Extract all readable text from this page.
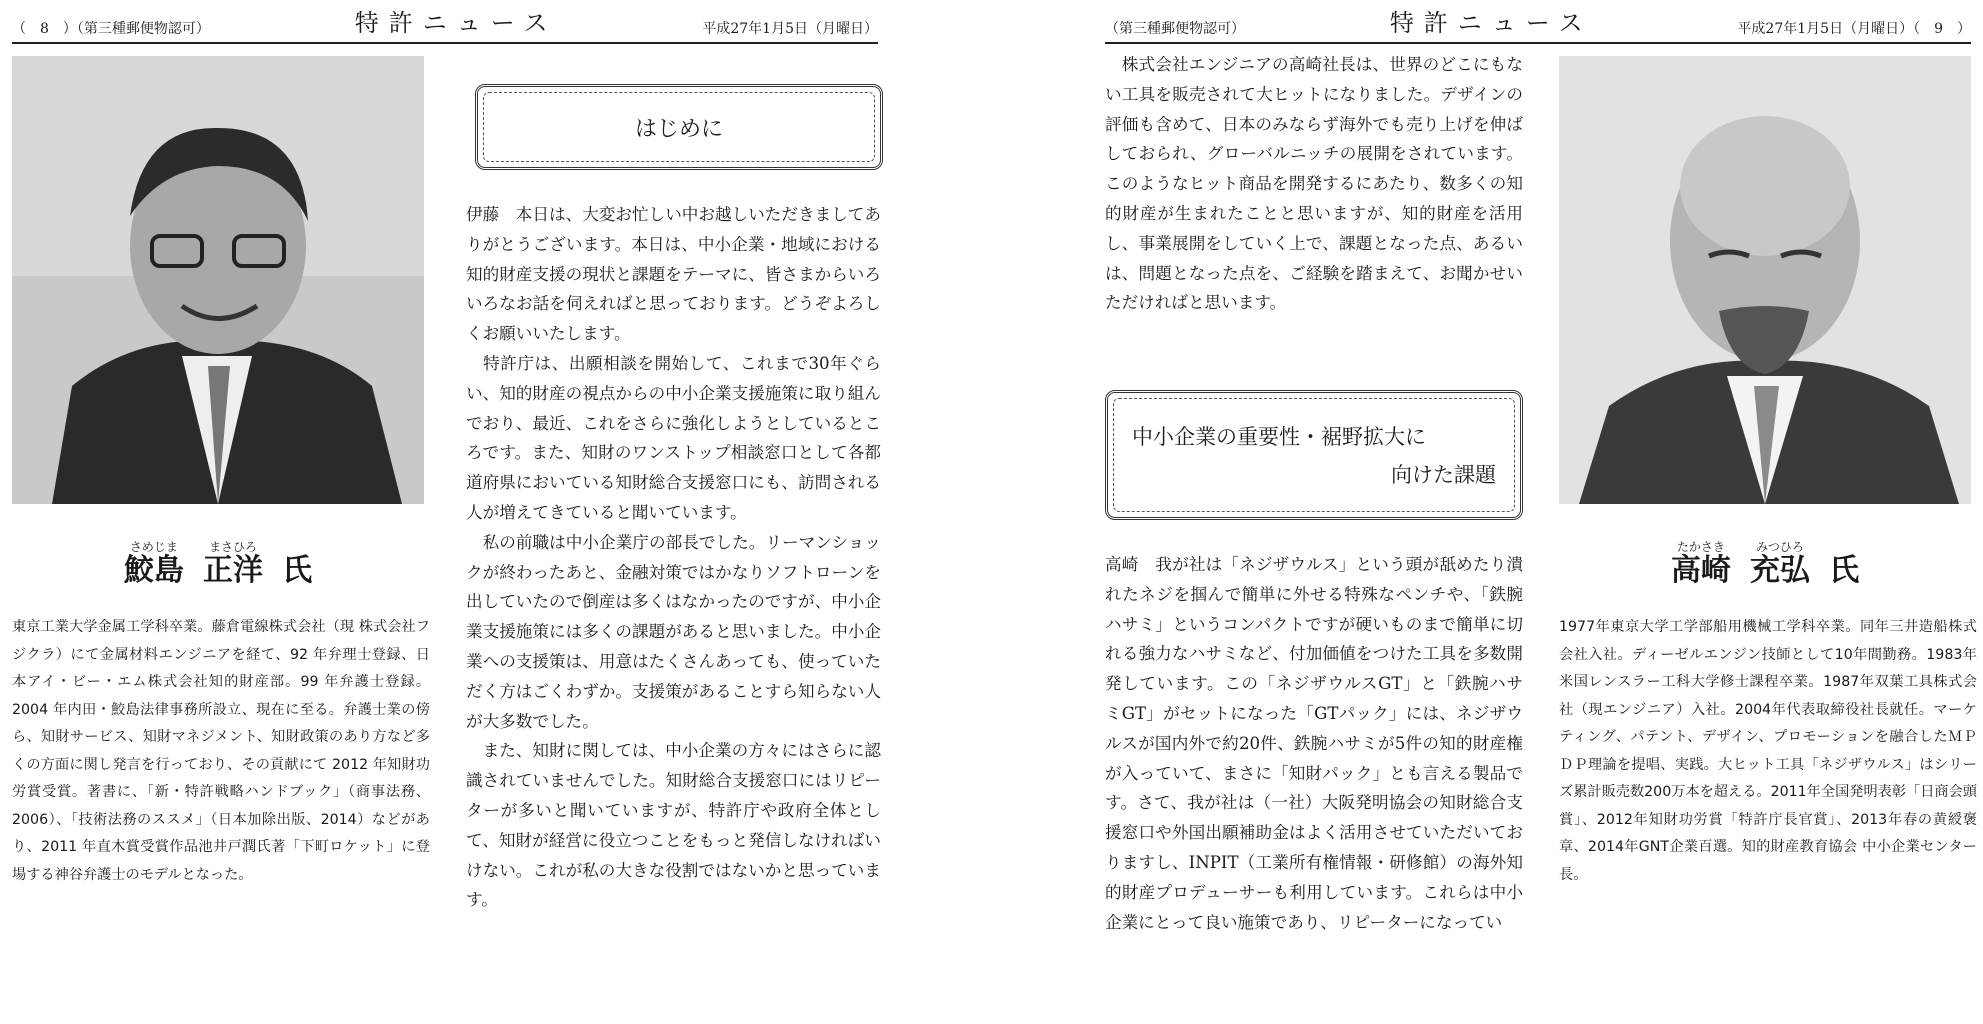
（　8　）（第三種郵便物認可）	特許ニュース	平成27年1月5日（月曜日）
さめじま
鮫島
まさひろ
正洋
氏
東京工業大学金属工学科卒業。藤倉電線株式会社（現 株式会社フジクラ）にて金属材料エンジニアを経て、92 年弁理士登録、日本アイ・ビー・エム株式会社知的財産部。99 年弁護士登録。2004 年内田・鮫島法律事務所設立、現在に至る。弁護士業の傍ら、知財サービス、知財マネジメント、知財政策のあり方など多くの方面に関し発言を行っており、その貢献にて 2012 年知財功労賞受賞。著書に、「新・特許戦略ハンドブック」（商事法務、2006）、「技術法務のススメ」（日本加除出版、2014）などがあり、2011 年直木賞受賞作品池井戸潤氏著「下町ロケット」に登場する神谷弁護士のモデルとなった。
はじめに

伊藤　本日は、大変お忙しい中お越しいただきましてありがとうございます。本日は、中小企業・地域における知的財産支援の現状と課題をテーマに、皆さまからいろいろなお話を伺えればと思っております。どうぞよろしくお願いいたします。

　特許庁は、出願相談を開始して、これまで30年ぐらい、知的財産の視点からの中小企業支援施策に取り組んでおり、最近、これをさらに強化しようとしているところです。また、知財のワンストップ相談窓口として各都道府県においている知財総合支援窓口にも、訪問される人が増えてきていると聞いています。

　私の前職は中小企業庁の部長でした。リーマンショックが終わったあと、金融対策ではかなりソフトローンを出していたので倒産は多くはなかったのですが、中小企業支援施策には多くの課題があると思いました。中小企業への支援策は、用意はたくさんあっても、使っていただく方はごくわずか。支援策があることすら知らない人が大多数でした。

　また、知財に関しては、中小企業の方々にはさらに認識されていませんでした。知財総合支援窓口にはリピーターが多いと聞いていますが、特許庁や政府全体として、知財が経営に役立つことをもっと発信しなければいけない。これが私の大きな役割ではないかと思っています。

（第三種郵便物認可）	特許ニュース	平成27年1月5日（月曜日）（　9　）
　株式会社エンジニアの高崎社長は、世界のどこにもない工具を販売されて大ヒットになりました。デザインの評価も含めて、日本のみならず海外でも売り上げを伸ばしておられ、グローバルニッチの展開をされています。このようなヒット商品を開発するにあたり、数多くの知的財産が生まれたことと思いますが、知的財産を活用し、事業展開をしていく上で、課題となった点、あるいは、問題となった点を、ご経験を踏まえて、お聞かせいただければと思います。
中小企業の重要性・裾野拡大に
向けた課題
高崎　我が社は「ネジザウルス」という頭が舐めたり潰れたネジを掴んで簡単に外せる特殊なペンチや、「鉄腕ハサミ」というコンパクトですが硬いものまで簡単に切れる強力なハサミなど、付加価値をつけた工具を多数開発しています。この「ネジザウルスGT」と「鉄腕ハサミGT」がセットになった「GTパック」には、ネジザウルスが国内外で約20件、鉄腕ハサミが5件の知的財産権が入っていて、まさに「知財パック」とも言える製品です。さて、我が社は（一社）大阪発明協会の知財総合支援窓口や外国出願補助金はよく活用させていただいておりますし、INPIT（工業所有権情報・研修館）の海外知的財産プロデューサーも利用しています。これらは中小企業にとって良い施策であり、リピーターになってい
たかさき
高崎
みつひろ
充弘
氏
1977年東京大学工学部船用機械工学科卒業。同年三井造船株式会社入社。ディーゼルエンジン技師として10年間勤務。1983年米国レンスラー工科大学修士課程卒業。1987年双葉工具株式会社（現エンジニア）入社。2004年代表取締役社長就任。マーケティング、パテント、デザイン、プロモーションを融合したＭＰＤＰ理論を提唱、実践。大ヒット工具「ネジザウルス」はシリーズ累計販売数200万本を超える。2011年全国発明表彰「日商会頭賞」、2012年知財功労賞「特許庁長官賞」、2013年春の黄綬褒章、2014年GNT企業百選。知的財産教育協会 中小企業センター長。
